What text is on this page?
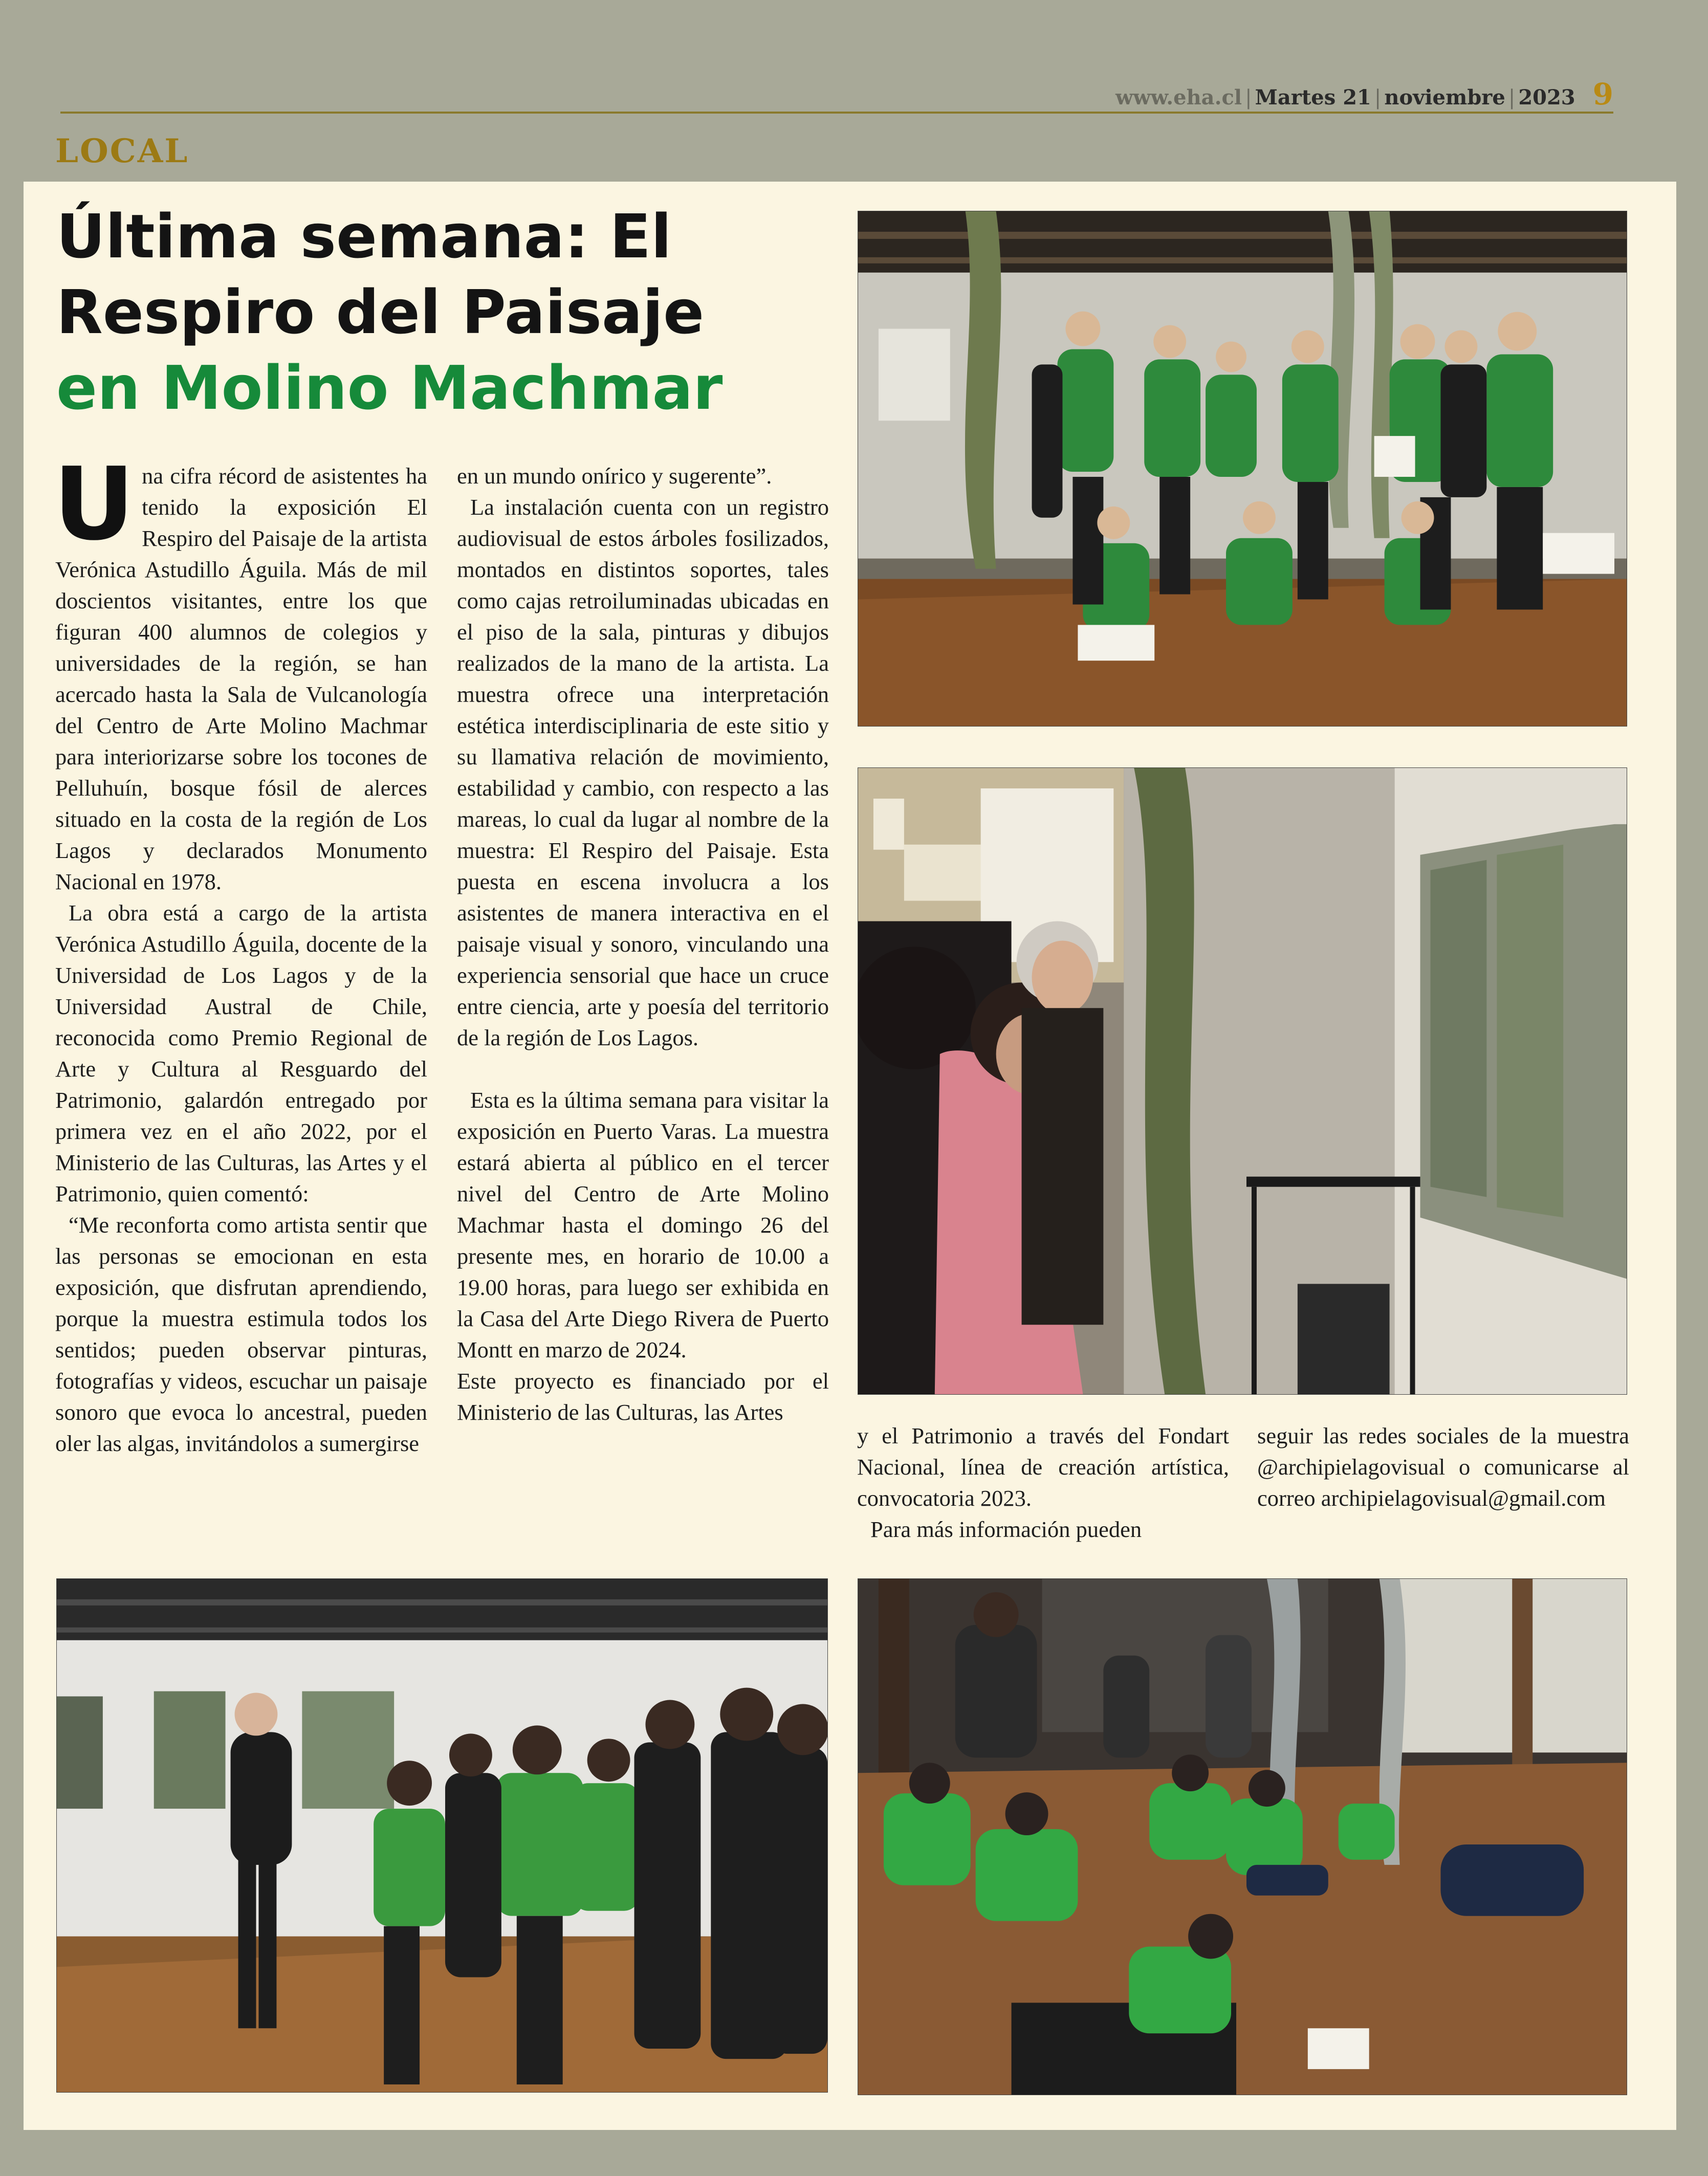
www.eha.cl | Martes 21 | noviembre | 2023 9
LOCAL
Última semana: El
Respiro del Paisaje
en Molino Machmar

Una cifra récord de asistentes ha tenido la exposición El Respiro del Paisaje de la artista Verónica Astudillo Águila. Más de mil doscientos visitantes, entre los que figuran 400 alumnos de colegios y universidades de la región, se han acercado hasta la Sala de Vulcanología del Centro de Arte Molino Machmar para interiorizarse sobre los tocones de Pelluhuín, bosque fósil de alerces situado en la costa de la región de Los Lagos y declarados Monumento Nacional en 1978.

La obra está a cargo de la artista Verónica Astudillo Águila, docente de la Universidad de Los Lagos y de la Universidad Austral de Chile, reconocida como Premio Regional de Arte y Cultura al Resguardo del Patrimonio, galardón entregado por primera vez en el año 2022, por el Ministerio de las Culturas, las Artes y el Patrimonio, quien comentó:

“Me reconforta como artista sentir que las personas se emocionan en esta exposición, que disfrutan aprendiendo, porque la muestra estimula todos los sentidos; pueden observar pinturas, fotografías y videos, escuchar un paisaje sonoro que evoca lo ancestral, pueden oler las algas, invitándolos a sumergirse

en un mundo onírico y sugerente”.

La instalación cuenta con un registro audiovisual de estos árboles fosilizados, montados en distintos soportes, tales como cajas retroiluminadas ubicadas en el piso de la sala, pinturas y dibujos realizados de la mano de la artista. La muestra ofrece una interpretación estética interdisciplinaria de este sitio y su llamativa relación de movimiento, estabilidad y cambio, con respecto a las mareas, lo cual da lugar al nombre de la muestra: El Respiro del Paisaje. Esta puesta en escena involucra a los asistentes de manera interactiva en el paisaje visual y sonoro, vinculando una experiencia sensorial que hace un cruce entre ciencia, arte y poesía del territorio de la región de Los Lagos.

Esta es la última semana para visitar la exposición en Puerto Varas. La muestra estará abierta al público en el tercer nivel del Centro de Arte Molino Machmar hasta el domingo 26 del presente mes, en horario de 10.00 a 19.00 horas, para luego ser exhibida en la Casa del Arte Diego Rivera de Puerto Montt en marzo de 2024.

Este proyecto es financiado por el Ministerio de las Culturas, las Artes

y el Patrimonio a través del Fondart Nacional, línea de creación artística, convocatoria 2023.

Para más información pueden

seguir las redes sociales de la muestra @archipielagovisual o comunicarse al correo archipielagovisual@gmail.com
